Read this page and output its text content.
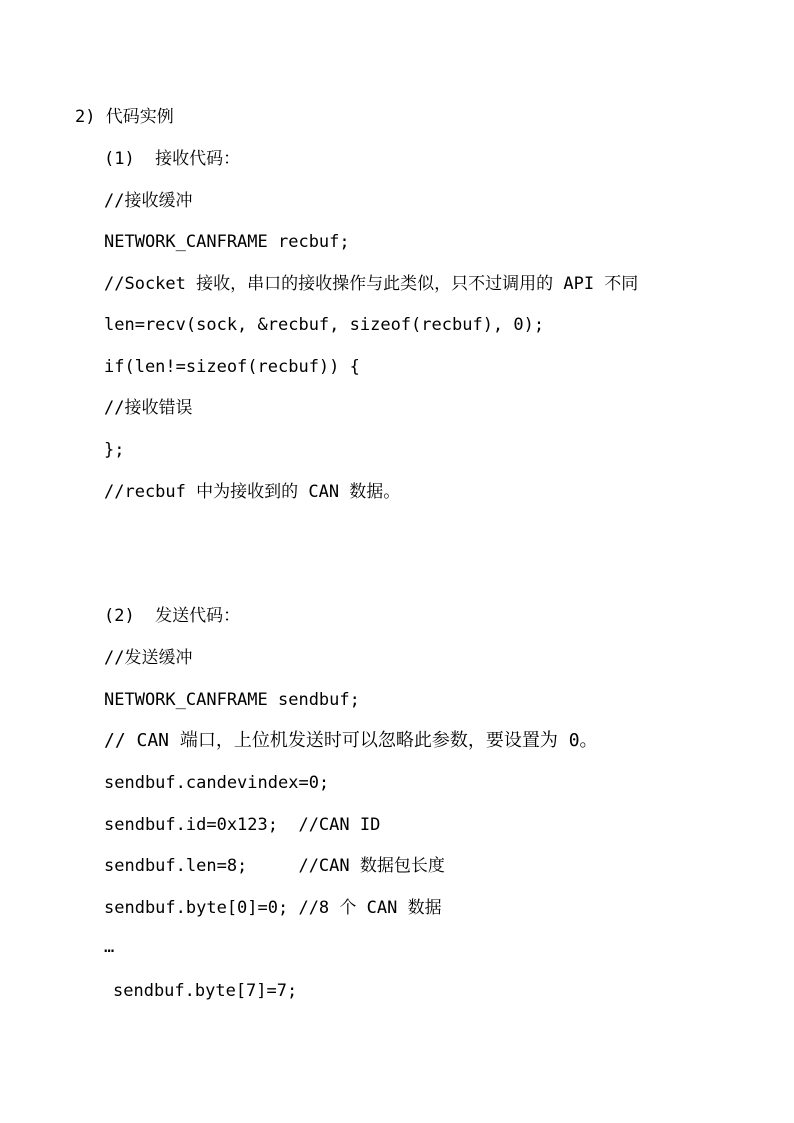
2) 代码实例
(1)  接收代码：
//接收缓冲
NETWORK_CANFRAME recbuf;
//Socket 接收，串口的接收操作与此类似，只不过调用的 API 不同
len=recv(sock, &recbuf, sizeof(recbuf), 0);
if(len!=sizeof(recbuf)) {
//接收错误
};
//recbuf 中为接收到的 CAN 数据。
(2)  发送代码：
//发送缓冲
NETWORK_CANFRAME sendbuf;
// CAN 端口，上位机发送时可以忽略此参数，要设置为 0。
sendbuf.candevindex=0;
sendbuf.id=0x123;  //CAN ID
sendbuf.len=8;     //CAN 数据包长度
sendbuf.byte[0]=0; //8 个 CAN 数据
…
sendbuf.byte[7]=7;
